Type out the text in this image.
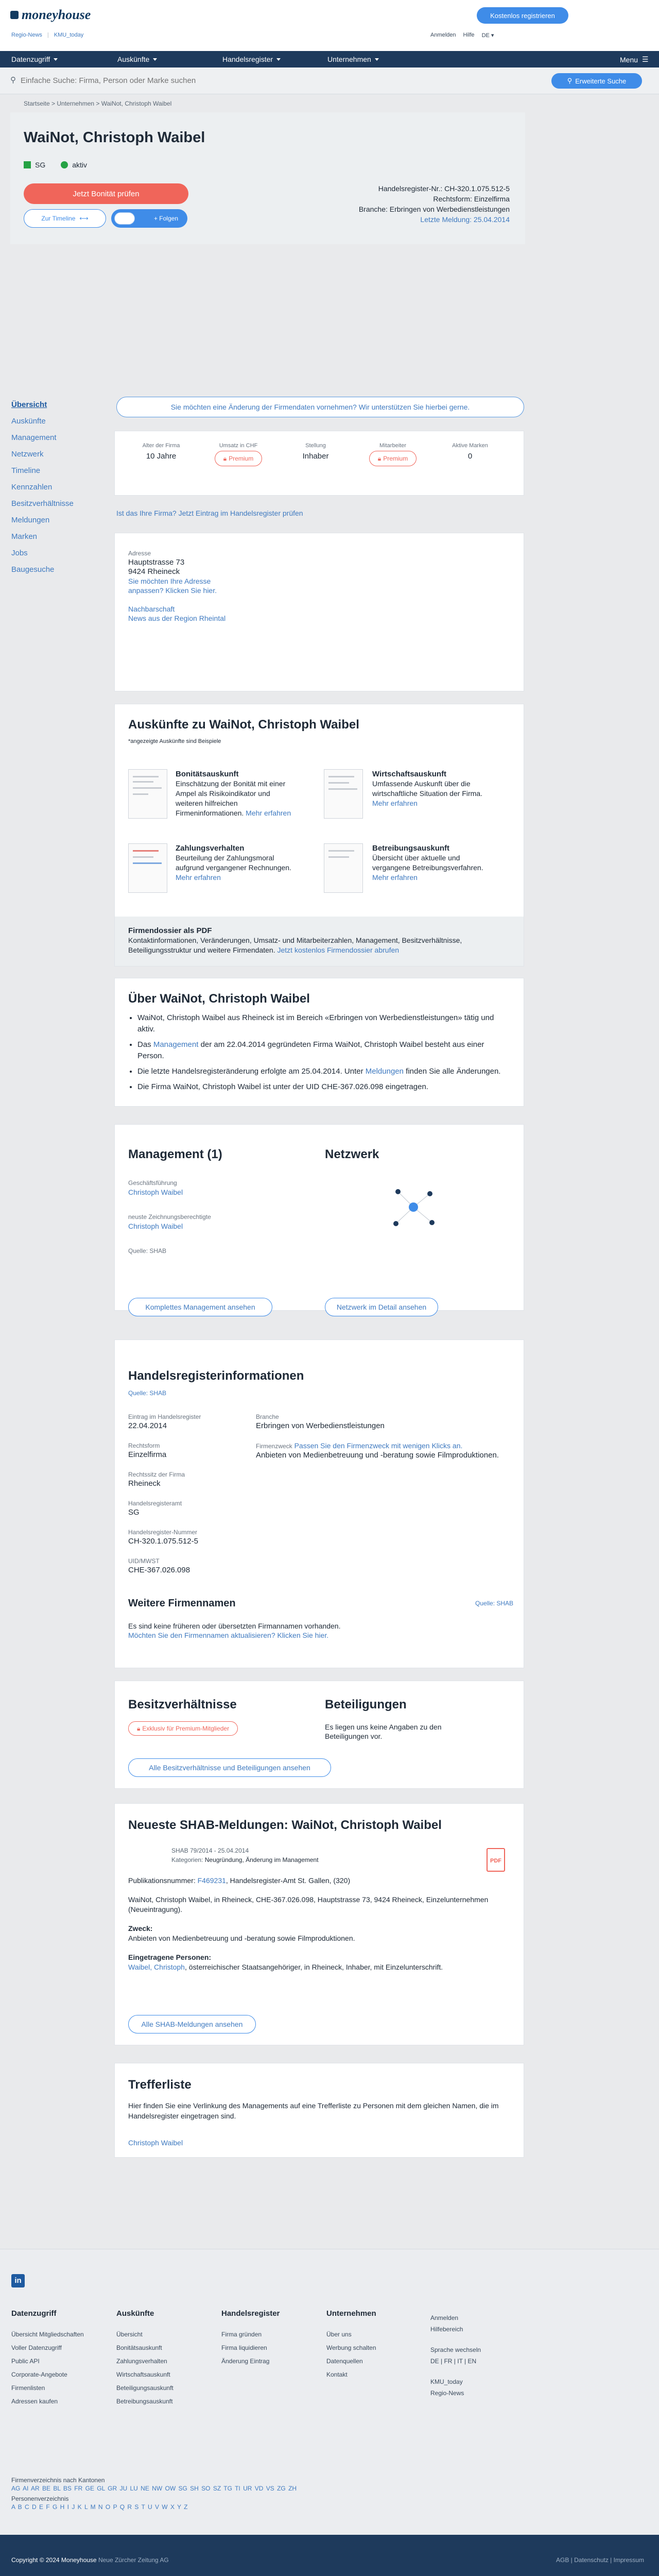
moneyhouse
Regio-News | KMU_today
Kostenlos registrieren
Anmelden Hilfe DE ▾
Datenzugriff	Auskünfte	Handelsregister	Unternehmen	Menu ☰
⚲
Einfache Suche: Firma, Person oder Marke suchen	⚲ Erweiterte Suche
Startseite > Unternehmen > WaiNot, Christoph Waibel
WaiNot, Christoph Waibel
SG	aktiv
Jetzt Bonität prüfen
Zur Timeline ⟷	+ Folgen
Handelsregister-Nr.: CH-320.1.075.512-5
Rechtsform: Einzelfirma
Branche: Erbringen von Werbedienstleistungen
Letzte Meldung: 25.04.2014
Übersicht
Auskünfte
Management
Netzwerk
Timeline
Kennzahlen
Besitzverhältnisse
Meldungen
Marken
Jobs
Baugesuche
Sie möchten eine Änderung der Firmendaten vornehmen? Wir unterstützen Sie hierbei gerne.
Alter der Firma
10 Jahre
Umsatz in CHF
🔒︎ Premium
Stellung
Inhaber
Mitarbeiter
🔒︎ Premium
Aktive Marken
0
Ist das Ihre Firma? Jetzt Eintrag im Handelsregister prüfen
Adresse
Hauptstrasse 73
9424 Rheineck
Sie möchten Ihre Adresse
anpassen? Klicken Sie hier.
Nachbarschaft
News aus der Region Rheintal
Auskünfte zu WaiNot, Christoph Waibel
*angezeigte Auskünfte sind Beispiele
Bonitätsauskunft
Einschätzung der Bonität mit einer Ampel als Risikoindikator und weiteren hilfreichen Firmeninformationen. Mehr erfahren
Wirtschaftsauskunft
Umfassende Auskunft über die wirtschaftliche Situation der Firma. Mehr erfahren
Zahlungsverhalten
Beurteilung der Zahlungsmoral aufgrund vergangener Rechnungen. Mehr erfahren
Betreibungsauskunft
Übersicht über aktuelle und vergangene Betreibungsverfahren. Mehr erfahren
Firmendossier als PDF
Kontaktinformationen, Veränderungen, Umsatz- und Mitarbeiterzahlen, Management, Besitzverhältnisse, Beteiligungsstruktur und weitere Firmendaten. Jetzt kostenlos Firmendossier abrufen
Über WaiNot, Christoph Waibel
• WaiNot, Christoph Waibel aus Rheineck ist im Bereich «Erbringen von Werbedienstleistungen» tätig und aktiv.
• Das Management der am 22.04.2014 gegründeten Firma WaiNot, Christoph Waibel besteht aus einer Person.
• Die letzte Handelsregisteränderung erfolgte am 25.04.2014. Unter Meldungen finden Sie alle Änderungen.
• Die Firma WaiNot, Christoph Waibel ist unter der UID CHE-367.026.098 eingetragen.
Management (1)
Geschäftsführung
Christoph Waibel
neuste Zeichnungsberechtigte
Christoph Waibel
Quelle: SHAB
Komplettes Management ansehen
Netzwerk
Netzwerk im Detail ansehen
Handelsregisterinformationen
Quelle: SHAB
Eintrag im Handelsregister
22.04.2014
Rechtsform
Einzelfirma
Rechtssitz der Firma
Rheineck
Handelsregisteramt
SG
Handelsregister-Nummer
CH-320.1.075.512-5
UID/MWST
CHE-367.026.098
Branche
Erbringen von Werbedienstleistungen
Firmenzweck Passen Sie den Firmenzweck mit wenigen Klicks an.
Anbieten von Medienbetreuung und -beratung sowie Filmproduktionen.
Weitere Firmennamen	Quelle: SHAB
Es sind keine früheren oder übersetzten Firmannamen vorhanden.
Möchten Sie den Firmennamen aktualisieren? Klicken Sie hier.
Besitzverhältnisse
🔒︎ Exklusiv für Premium-Mitglieder
Beteiligungen
Es liegen uns keine Angaben zu den Beteiligungen vor.
Alle Besitzverhältnisse und Beteiligungen ansehen
Neueste SHAB-Meldungen: WaiNot, Christoph Waibel
SHAB 79/2014 - 25.04.2014
Kategorien: Neugründung, Änderung im Management	PDF
Publikationsnummer: F469231, Handelsregister-Amt St. Gallen, (320)
WaiNot, Christoph Waibel, in Rheineck, CHE-367.026.098, Hauptstrasse 73, 9424 Rheineck, Einzelunternehmen (Neueintragung).
Zweck:
Anbieten von Medienbetreuung und -beratung sowie Filmproduktionen.
Eingetragene Personen:
Waibel, Christoph, österreichischer Staatsangehöriger, in Rheineck, Inhaber, mit Einzelunterschrift.
Alle SHAB-Meldungen ansehen
Trefferliste
Hier finden Sie eine Verlinkung des Managements auf eine Trefferliste zu Personen mit dem gleichen Namen, die im Handelsregister eingetragen sind.
Christoph Waibel
in
Datenzugriff
Übersicht Mitgliedschaften
Voller Datenzugriff
Public API
Corporate-Angebote
Firmenlisten
Adressen kaufen
Auskünfte
Übersicht
Bonitätsauskunft
Zahlungsverhalten
Wirtschaftsauskunft
Beteiligungsauskunft
Betreibungsauskunft
Handelsregister
Firma gründen
Firma liquidieren
Änderung Eintrag
Unternehmen
Über uns
Werbung schalten
Datenquellen
Kontakt
Anmelden
Hilfebereich
Sprache wechseln
DE | FR | IT | EN
KMU_today
Regio-News
Firmenverzeichnis nach Kantonen
AG AI AR BE BL BS FR GE GL GR JU LU NE NW OW SG SH SO SZ TG TI UR VD VS ZG ZH
Personenverzeichnis
A B C D E F G H I J K L M N O P Q R S T U V W X Y Z
Copyright © 2024 Moneyhouse Neue Zürcher Zeitung AG	AGB | Datenschutz | Impressum
